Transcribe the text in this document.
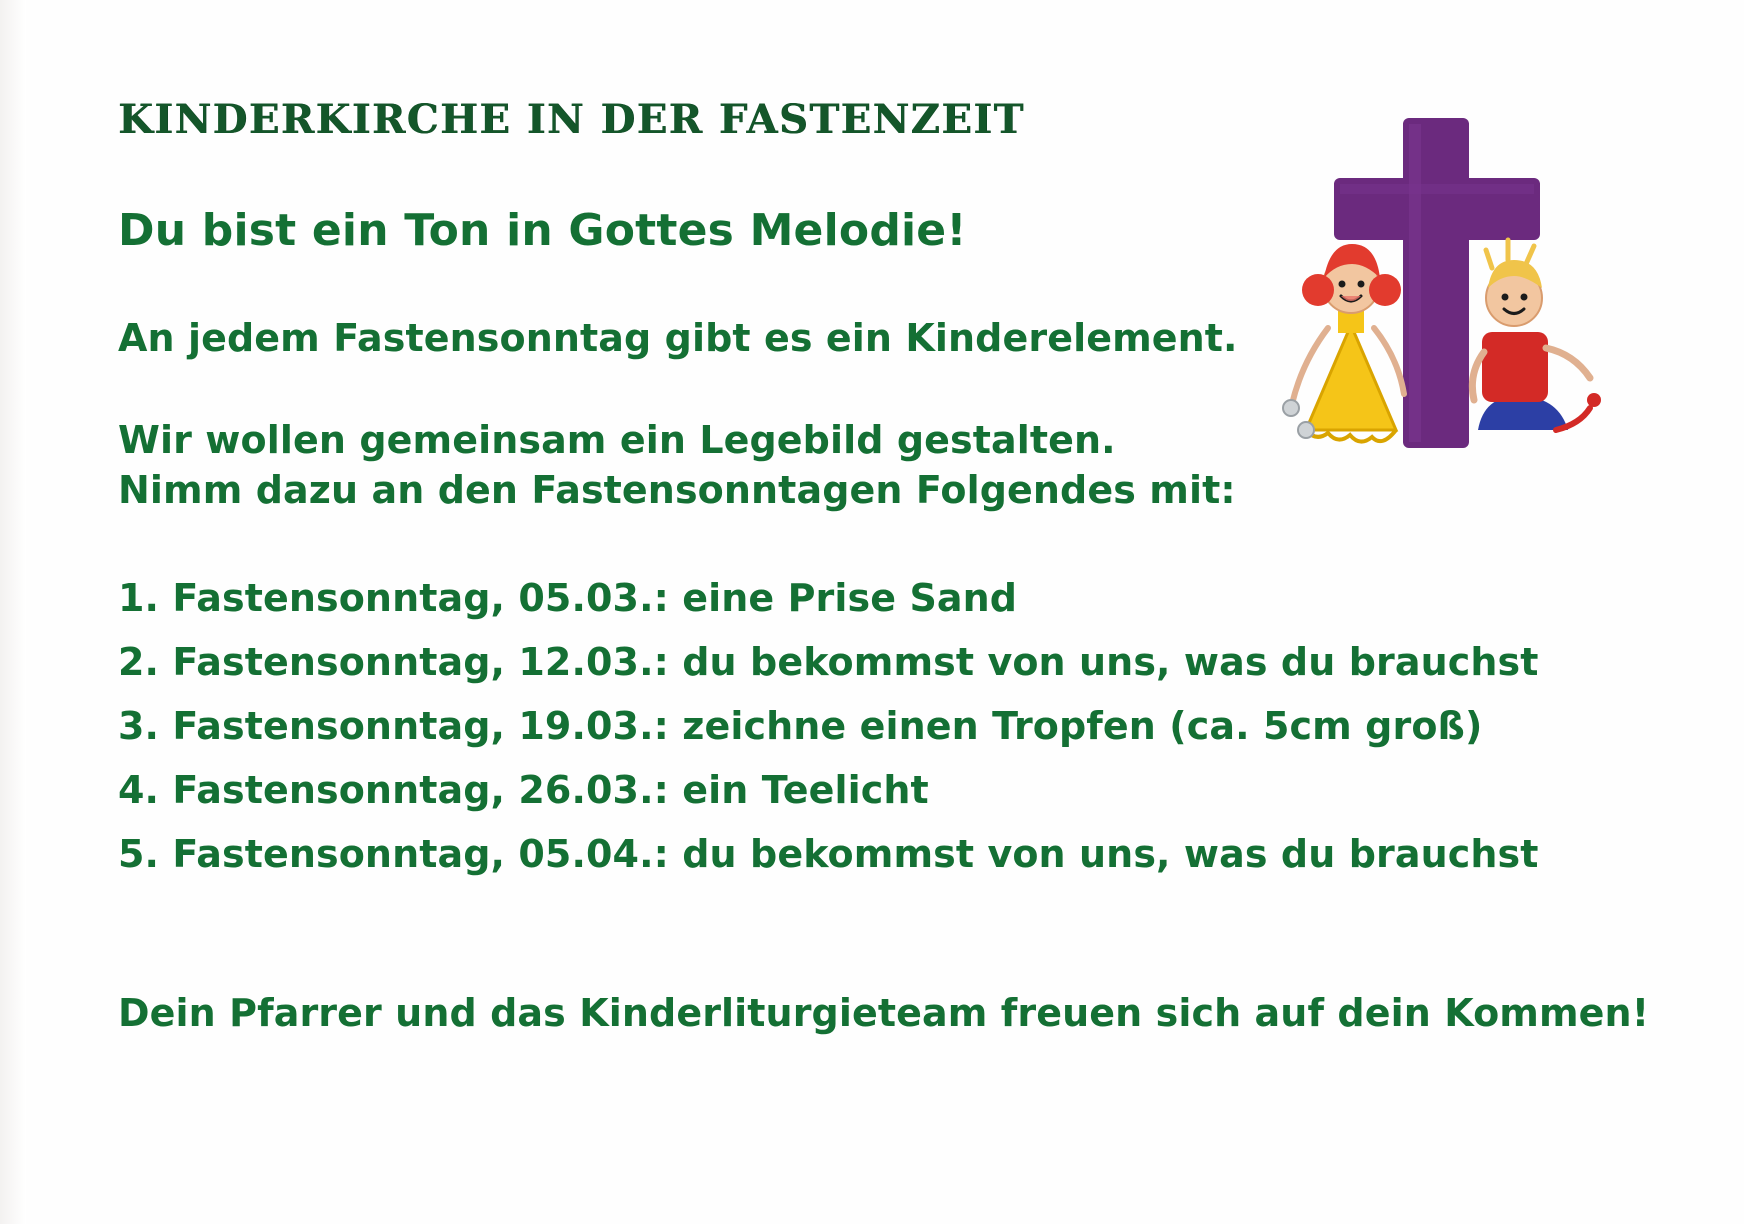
KINDERKIRCHE IN DER FASTENZEIT

Du bist ein Ton in Gottes Melodie!

An jedem Fastensonntag gibt es ein Kinderelement.

Wir wollen gemeinsam ein Legebild gestalten.

Nimm dazu an den Fastensonntagen Folgendes mit:

1. Fastensonntag, 05.03.: eine Prise Sand
2. Fastensonntag, 12.03.: du bekommst von uns, was du brauchst
3. Fastensonntag, 19.03.: zeichne einen Tropfen (ca. 5cm groß)
4. Fastensonntag, 26.03.: ein Teelicht
5. Fastensonntag, 05.04.: du bekommst von uns, was du brauchst

Dein Pfarrer und das Kinderliturgieteam freuen sich auf dein Kommen!
